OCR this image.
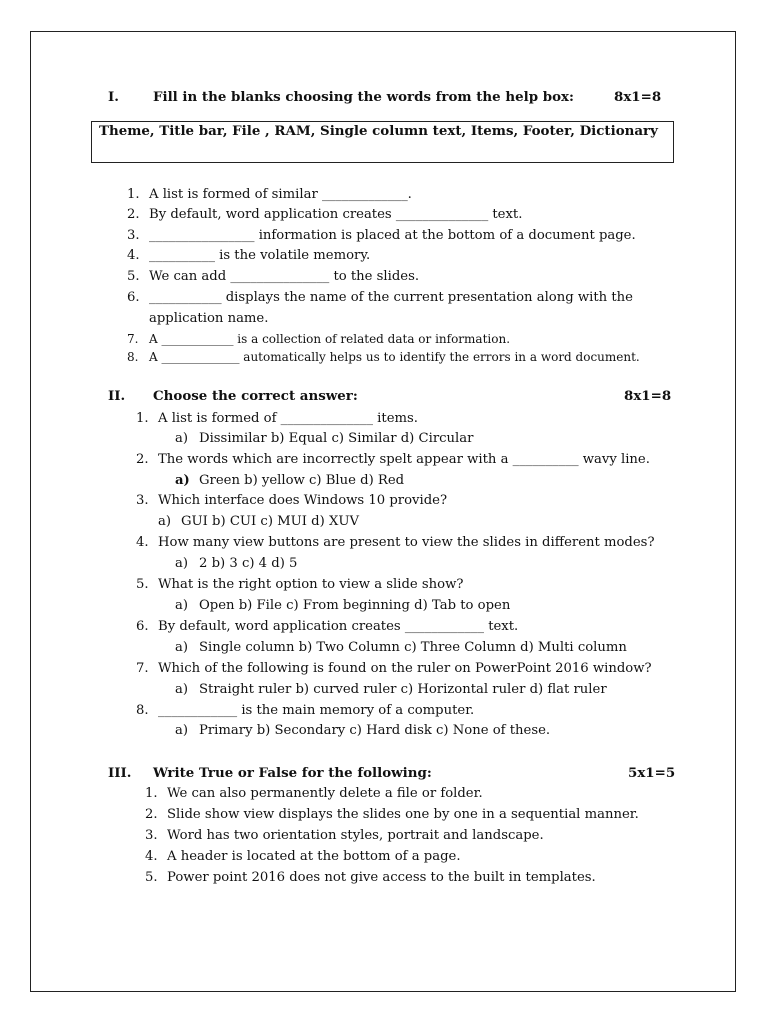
I.	Fill in the blanks choosing the words from the help box:	8x1=8
Theme, Title bar, File , RAM, Single column text, Items, Footer, Dictionary
1. A list is formed of similar _____________.
2. By default, word application creates ______________ text.
3. ________________ information is placed at the bottom of a document page.
4. __________ is the volatile memory.
5. We can add _______________ to the slides.
6. ___________ displays the name of the current presentation along with the
application name.
7. A ____________ is a collection of related data or information.
8. A _____________ automatically helps us to identify the errors in a word document.
II. Choose the correct answer:	8x1=8
1. A list is formed of ______________ items.
a) Dissimilar b) Equal c) Similar d) Circular
2. The words which are incorrectly spelt appear with a __________ wavy line.
a) Green b) yellow c) Blue d) Red
3. Which interface does Windows 10 provide?
a) GUI b) CUI c) MUI d) XUV
4. How many view buttons are present to view the slides in different modes?
a) 2 b) 3 c) 4 d) 5
5. What is the right option to view a slide show?
a) Open b) File c) From beginning d) Tab to open
6. By default, word application creates ____________ text.
a) Single column b) Two Column c) Three Column d) Multi column
7. Which of the following is found on the ruler on PowerPoint 2016 window?
a) Straight ruler b) curved ruler c) Horizontal ruler d) flat ruler
8. ____________ is the main memory of a computer.
a) Primary b) Secondary c) Hard disk c) None of these.
III. Write True or False for the following:	5x1=5
1. We can also permanently delete a file or folder.
2. Slide show view displays the slides one by one in a sequential manner.
3. Word has two orientation styles, portrait and landscape.
4. A header is located at the bottom of a page.
5. Power point 2016 does not give access to the built in templates.
